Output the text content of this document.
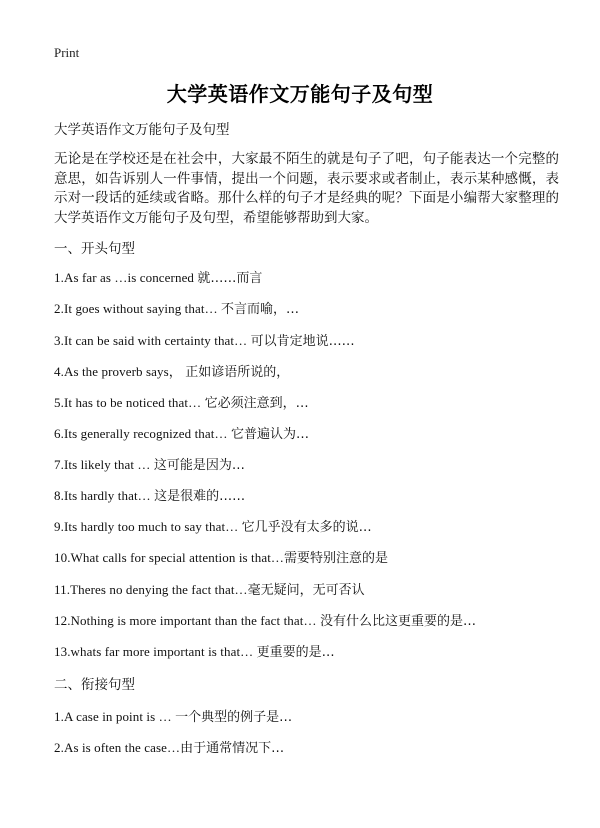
Print
大学英语作文万能句子及句型
大学英语作文万能句子及句型
无论是在学校还是在社会中，大家最不陌生的就是句子了吧，句子能表达一个完整的意思，如告诉别人一件事情，提出一个问题，表示要求或者制止，表示某种感慨，表示对一段话的延续或省略。那什么样的句子才是经典的呢？下面是小编帮大家整理的大学英语作文万能句子及句型，希望能够帮助到大家。
一、开头句型
1.As far as …is concerned 就……而言
2.It goes without saying that… 不言而喻，…
3.It can be said with certainty that… 可以肯定地说……
4.As the proverb says， 正如谚语所说的，
5.It has to be noticed that… 它必须注意到，…
6.Its generally recognized that… 它普遍认为…
7.Its likely that … 这可能是因为…
8.Its hardly that… 这是很难的……
9.Its hardly too much to say that… 它几乎没有太多的说…
10.What calls for special attention is that…需要特别注意的是
11.Theres no denying the fact that…毫无疑问，无可否认
12.Nothing is more important than the fact that… 没有什么比这更重要的是…
13.whats far more important is that… 更重要的是…
二、衔接句型
1.A case in point is … 一个典型的例子是…
2.As is often the case…由于通常情况下…
